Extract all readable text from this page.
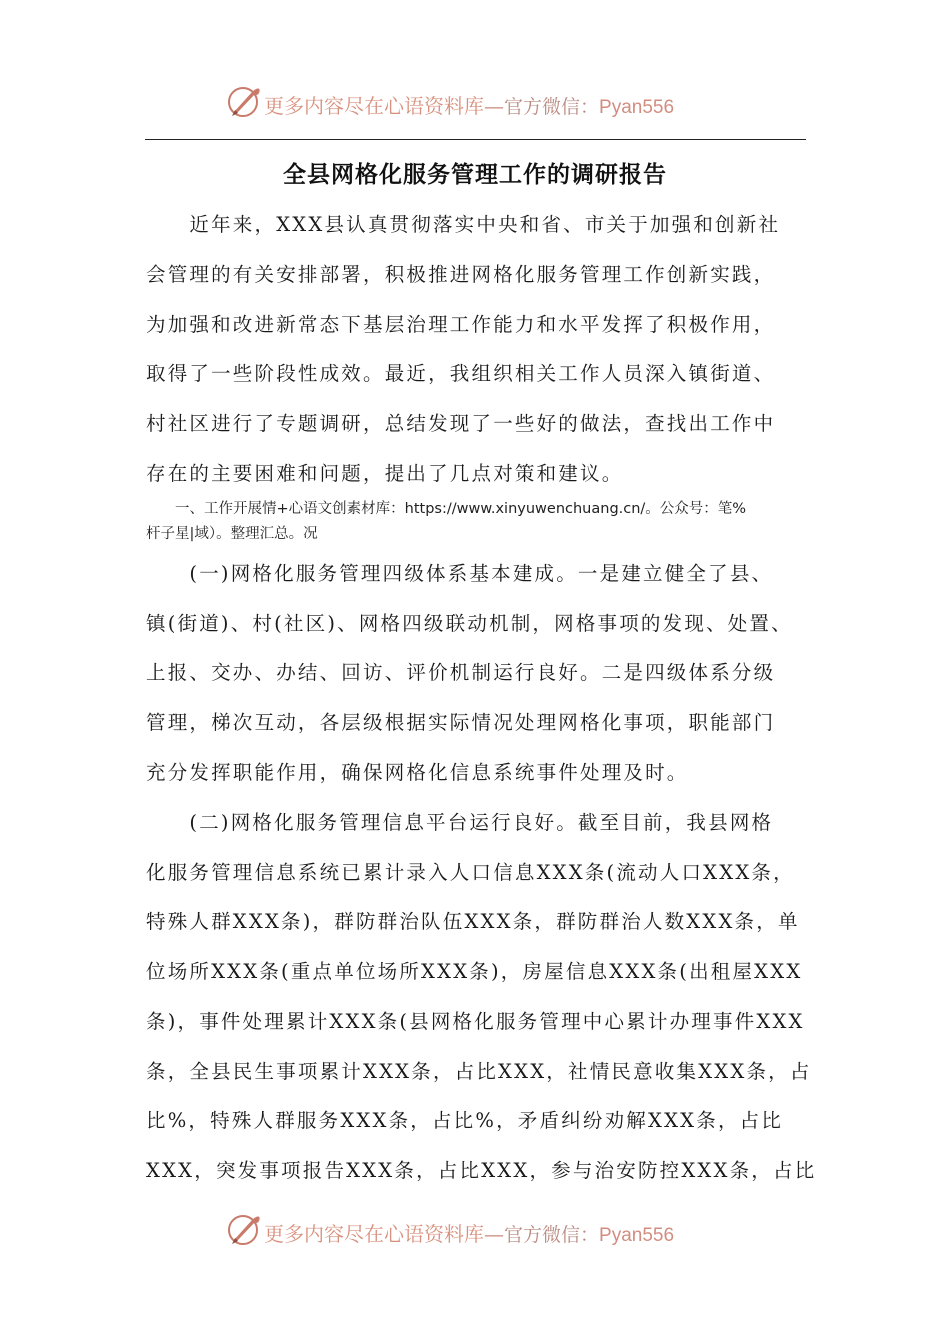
更多内容尽在心语资料库—官方微信：Pyan556
全县网格化服务管理工作的调研报告
　　近年来，XXX县认真贯彻落实中央和省、市关于加强和创新社
会管理的有关安排部署，积极推进网格化服务管理工作创新实践，
为加强和改进新常态下基层治理工作能力和水平发挥了积极作用，
取得了一些阶段性成效。最近，我组织相关工作人员深入镇街道、
村社区进行了专题调研，总结发现了一些好的做法，查找出工作中
存在的主要困难和问题，提出了几点对策和建议。
　　一、工作开展情+心语文创素材库：https://www.xinyuwenchuang.cn/。公众号：笔%
杆子星|域）。整理汇总。况
　　(一)网格化服务管理四级体系基本建成。一是建立健全了县、
镇(街道)、村(社区)、网格四级联动机制，网格事项的发现、处置、
上报、交办、办结、回访、评价机制运行良好。二是四级体系分级
管理，梯次互动，各层级根据实际情况处理网格化事项，职能部门
充分发挥职能作用，确保网格化信息系统事件处理及时。
　　(二)网格化服务管理信息平台运行良好。截至目前，我县网格
化服务管理信息系统已累计录入人口信息XXX条(流动人口XXX条，
特殊人群XXX条)，群防群治队伍XXX条，群防群治人数XXX条，单
位场所XXX条(重点单位场所XXX条)，房屋信息XXX条(出租屋XXX
条)，事件处理累计XXX条(县网格化服务管理中心累计办理事件XXX
条，全县民生事项累计XXX条，占比XXX，社情民意收集XXX条，占
比%，特殊人群服务XXX条，占比%，矛盾纠纷劝解XXX条，占比
XXX，突发事项报告XXX条，占比XXX，参与治安防控XXX条，占比
更多内容尽在心语资料库—官方微信：Pyan556
